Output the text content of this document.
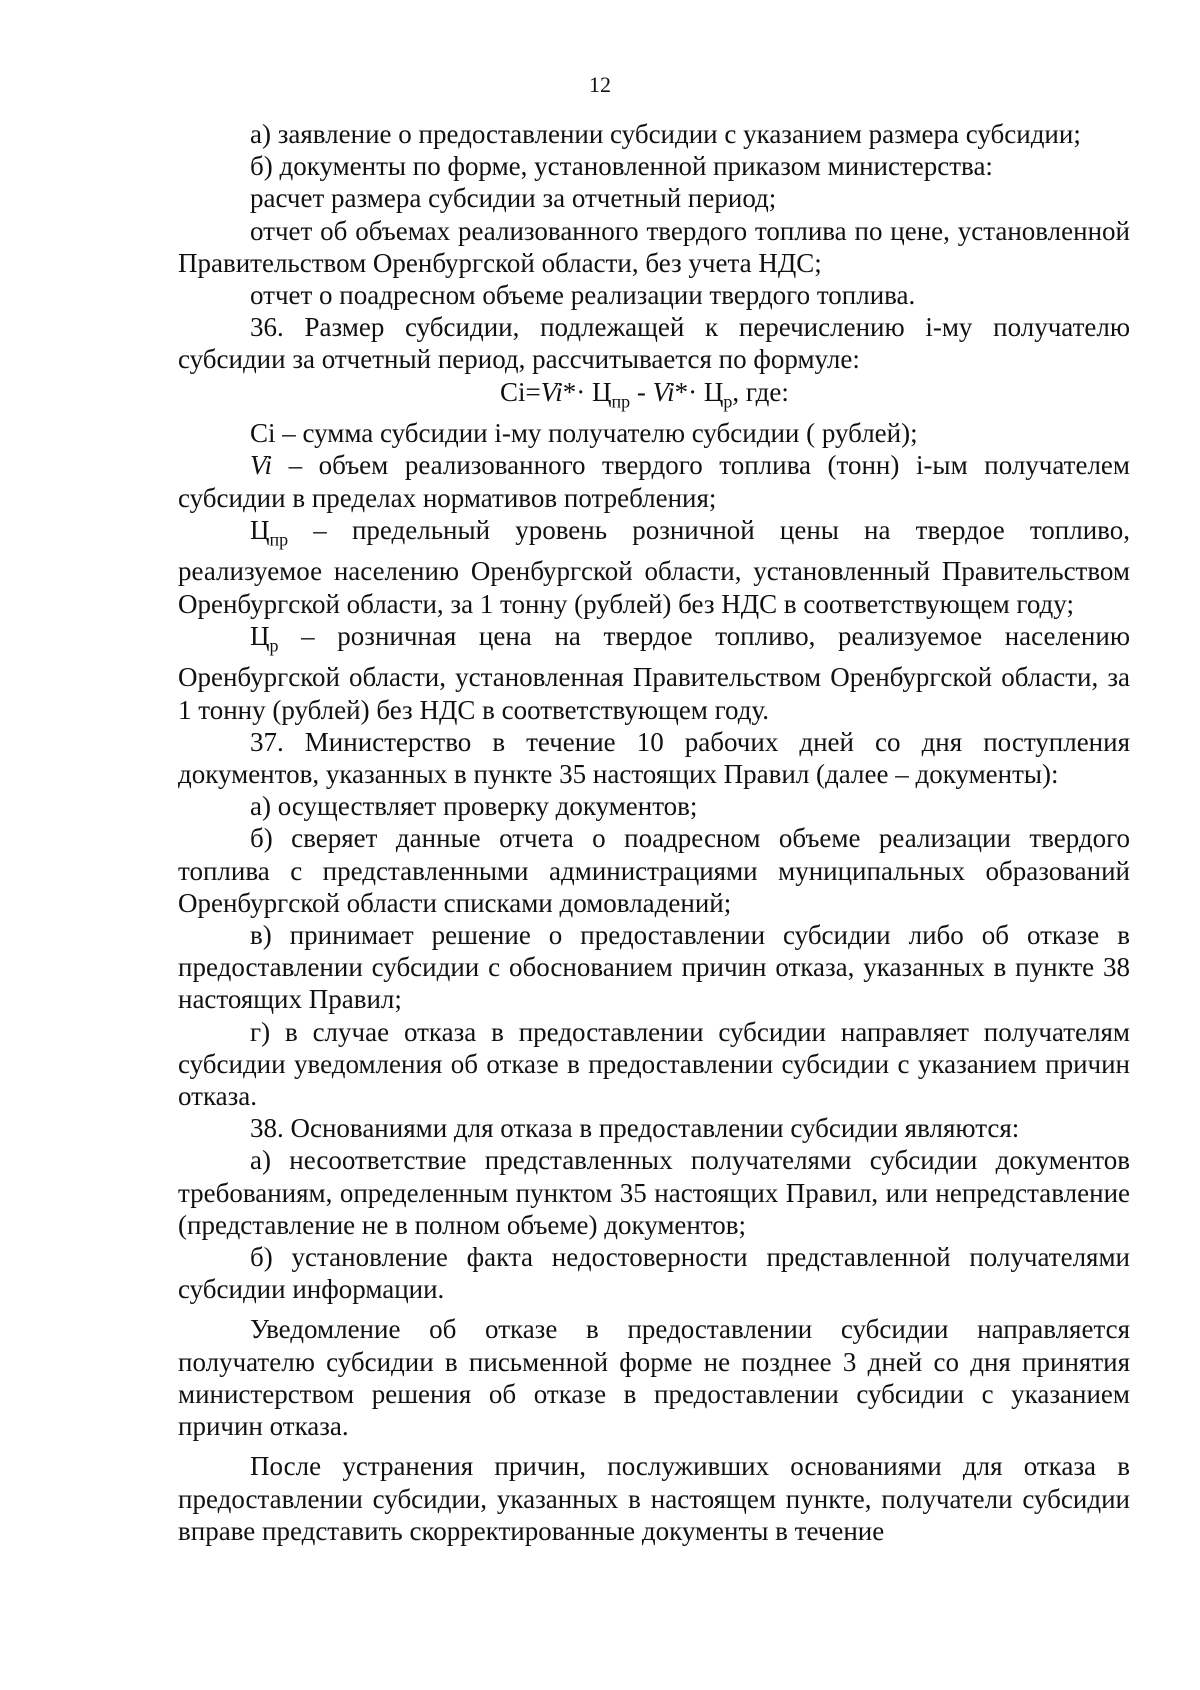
12

а) заявление о предоставлении субсидии с указанием размера субсидии;

б) документы по форме, установленной приказом министерства:

расчет размера субсидии за отчетный период;

отчет об объемах реализованного твердого топлива по цене, установленной Правительством Оренбургской области, без учета НДС;

отчет о поадресном объеме реализации твердого топлива.

36. Размер субсидии, подлежащей к перечислению i-му получателю субсидии за отчетный период, рассчитывается по формуле:

$Ci=Vi*\cdot Ц_{пр} - Vi*\cdot Ц_р$, где:

Ci – сумма субсидии i-му получателю субсидии ( рублей);

Vi – объем реализованного твердого топлива (тонн) i-ым получателем субсидии в пределах нормативов потребления;

$Ц_{пр}$ – предельный уровень розничной цены на твердое топливо, реализуемое населению Оренбургской области, установленный Правительством Оренбургской области, за 1 тонну (рублей) без НДС в соответствующем году;

$Ц_р$ – розничная цена на твердое топливо, реализуемое населению Оренбургской области, установленная Правительством Оренбургской области, за 1 тонну (рублей) без НДС в соответствующем году.

37. Министерство в течение 10 рабочих дней со дня поступления документов, указанных в пункте 35 настоящих Правил (далее – документы):

а) осуществляет проверку документов;

б) сверяет данные отчета о поадресном объеме реализации твердого топлива с представленными администрациями муниципальных образований Оренбургской области списками домовладений;

в) принимает решение о предоставлении субсидии либо об отказе в предоставлении субсидии с обоснованием причин отказа, указанных в пункте 38 настоящих Правил;

г) в случае отказа в предоставлении субсидии направляет получателям субсидии уведомления об отказе в предоставлении субсидии с указанием причин отказа.

38. Основаниями для отказа в предоставлении субсидии являются:

а) несоответствие представленных получателями субсидии документов требованиям, определенным пунктом 35 настоящих Правил, или непредставление (представление не в полном объеме) документов;

б) установление факта недостоверности представленной получателями субсидии информации.

Уведомление об отказе в предоставлении субсидии направляется получателю субсидии в письменной форме не позднее 3 дней со дня принятия министерством решения об отказе в предоставлении субсидии с указанием причин отказа.

После устранения причин, послуживших основаниями для отказа в предоставлении субсидии, указанных в настоящем пункте, получатели субсидии вправе представить скорректированные документы в течение
